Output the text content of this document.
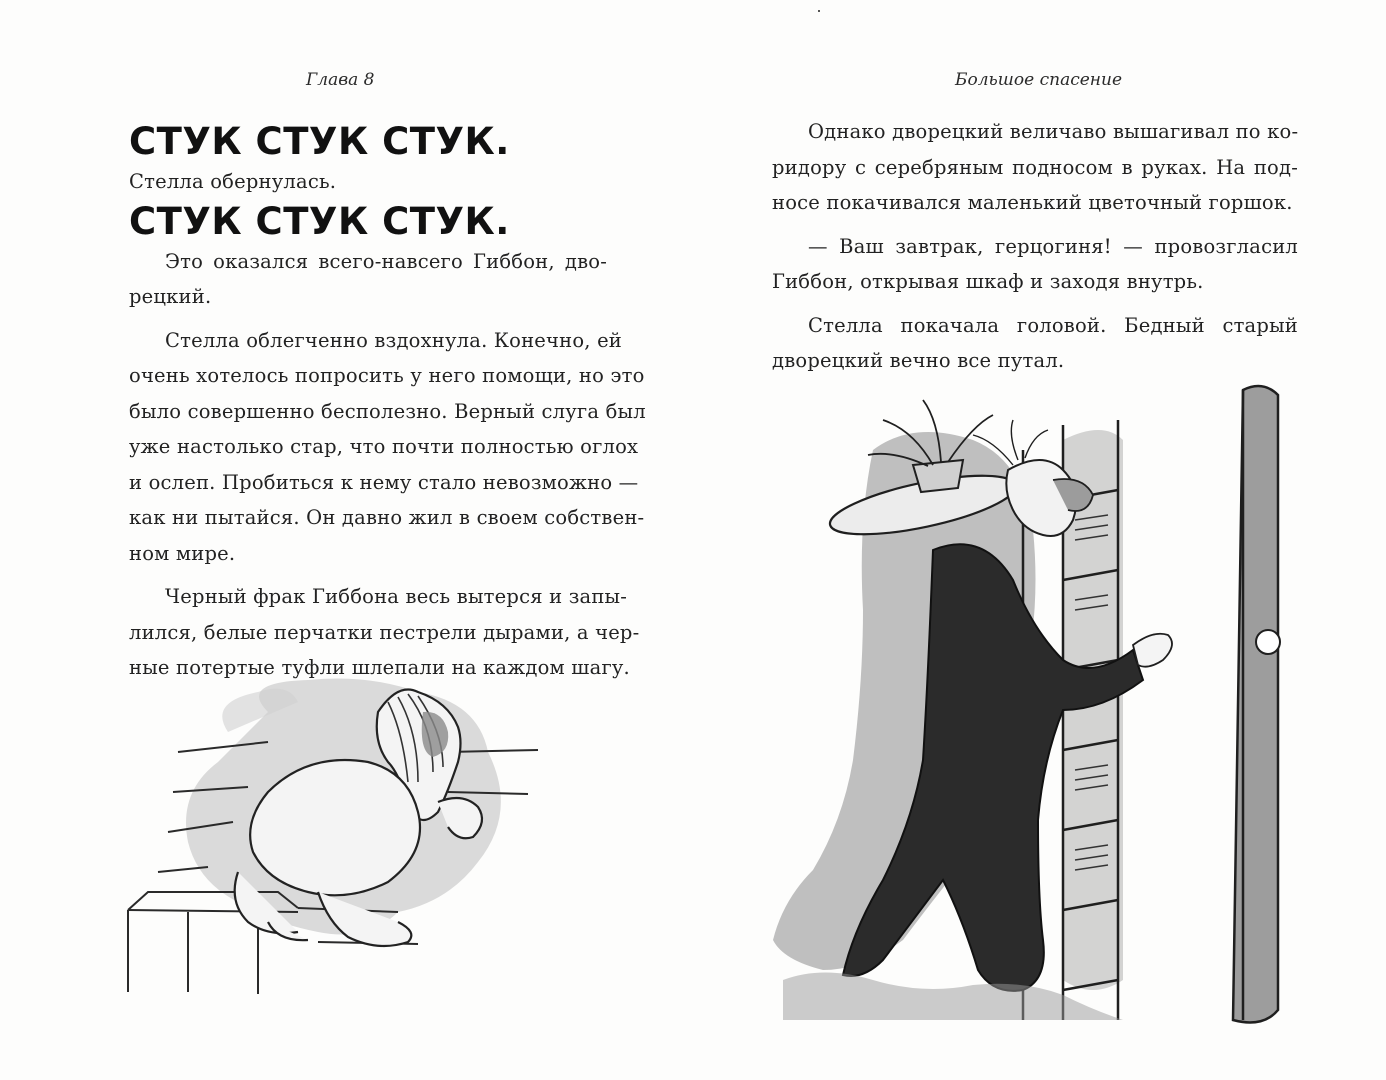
Глава 8
СТУК СТУК СТУК.
Стелла обернулась.
СТУК СТУК СТУК.
Это оказался всего-навсего Гиббон, дво-
рецкий.
Стелла облегченно вздохнула. Конечно, ей
очень хотелось попросить у него помощи, но это
было совершенно бесполезно. Верный слуга был
уже настолько стар, что почти полностью оглох
и ослеп. Пробиться к нему стало невозможно —
как ни пытайся. Он давно жил в своем собствен-
ном мире.
Черный фрак Гиббона весь вытерся и запы-
лился, белые перчатки пестрели дырами, а чер-
ные потертые туфли шлепали на каждом шагу.
Большое спасение
Однако дворецкий величаво вышагивал по ко-
ридору с серебряным подносом в руках. На под-
носе покачивался маленький цветочный горшок.
— Ваш завтрак, герцогиня! — провозгласил
Гиббон, открывая шкаф и заходя внутрь.
Стелла покачала головой. Бедный старый
дворецкий вечно все путал.
